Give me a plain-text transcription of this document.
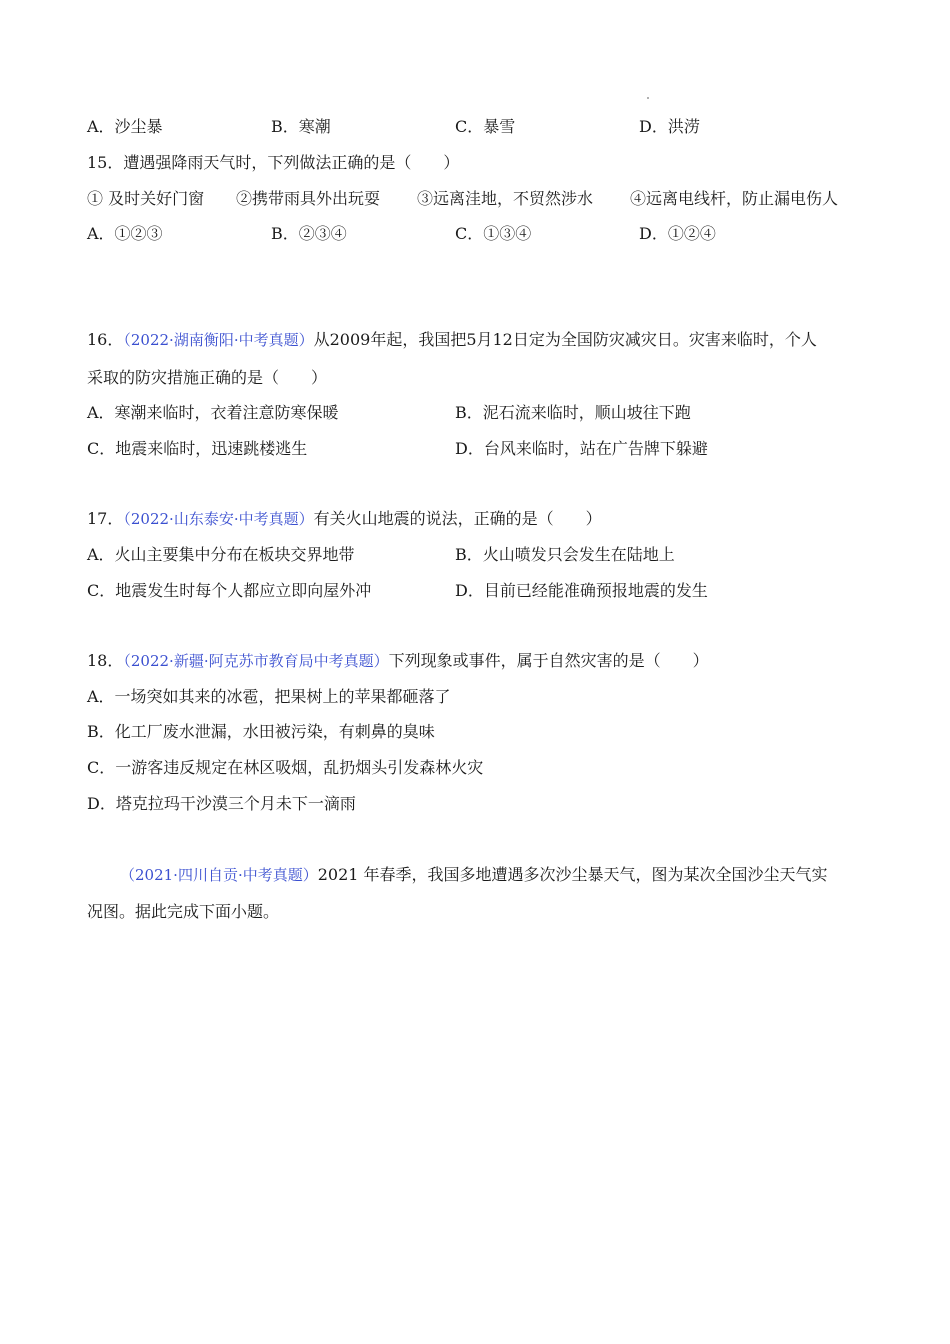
A．沙尘暴	B．寒潮	C．暴雪	D．洪涝
15．遭遇强降雨天气时，下列做法正确的是（　　）
① 及时关好门窗 ②携带雨具外出玩耍 ③远离洼地，不贸然涉水 ④远离电线杆，防止漏电伤人
A．①②③	B．②③④	C．①③④	D．①②④
16．（2022·湖南衡阳·中考真题）从2009年起，我国把5月12日定为全国防灾减灾日。灾害来临时，个人
采取的防灾措施正确的是（　　）
A．寒潮来临时，衣着注意防寒保暖	B．泥石流来临时，顺山坡往下跑
C．地震来临时，迅速跳楼逃生	D．台风来临时，站在广告牌下躲避
17．（2022·山东泰安·中考真题）有关火山地震的说法，正确的是（　　）
A．火山主要集中分布在板块交界地带	B．火山喷发只会发生在陆地上
C．地震发生时每个人都应立即向屋外冲	D．目前已经能准确预报地震的发生
18．（2022·新疆·阿克苏市教育局中考真题）下列现象或事件，属于自然灾害的是（　　）
A．一场突如其来的冰雹，把果树上的苹果都砸落了
B．化工厂废水泄漏，水田被污染，有刺鼻的臭味
C．一游客违反规定在林区吸烟，乱扔烟头引发森林火灾
D．塔克拉玛干沙漠三个月未下一滴雨
（2021·四川自贡·中考真题）2021 年春季，我国多地遭遇多次沙尘暴天气，图为某次全国沙尘天气实
况图。据此完成下面小题。
